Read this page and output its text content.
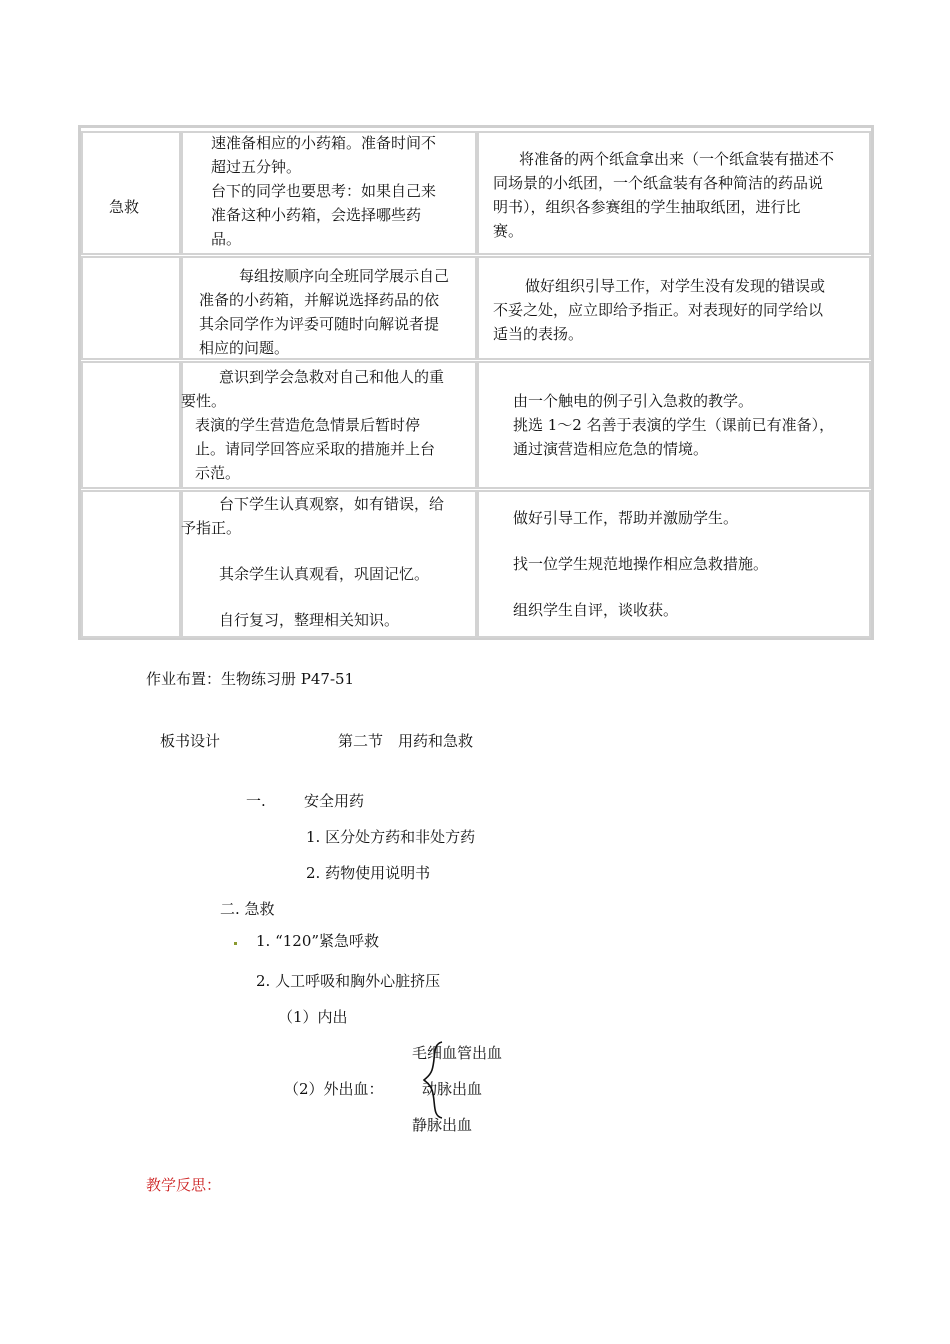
急救
速准备相应的小药箱。准备时间不
超过五分钟。
台下的同学也要思考：如果自己来
准备这种小药箱，会选择哪些药
品。
将准备的两个纸盒拿出来（一个纸盒装有描述不
同场景的小纸团，一个纸盒装有各种简洁的药品说
明书），组织各参赛组的学生抽取纸团，进行比
赛。
每组按顺序向全班同学展示自己
准备的小药箱，并解说选择药品的依
其余同学作为评委可随时向解说者提
相应的问题。
做好组织引导工作，对学生没有发现的错误或
不妥之处，应立即给予指正。对表现好的同学给以
适当的表扬。
意识到学会急救对自己和他人的重
要性。
表演的学生营造危急情景后暂时停
止。请同学回答应采取的措施并上台
示范。
由一个触电的例子引入急救的教学。
挑选 1～2 名善于表演的学生（课前已有准备），
通过演营造相应危急的情境。
台下学生认真观察，如有错误，给
予指正。
其余学生认真观看，巩固记忆。
自行复习，整理相关知识。
做好引导工作，帮助并激励学生。
找一位学生规范地操作相应急救措施。
组织学生自评，谈收获。
作业布置：生物练习册 P47-51
板书设计	第二节　用药和急救
一.	安全用药
1. 区分处方药和非处方药
2. 药物使用说明书
二. 急救
1. “120”紧急呼救
2. 人工呼吸和胸外心脏挤压
（1）内出
（2）外出血：
毛细血管出血
动脉出血
静脉出血
教学反思：
